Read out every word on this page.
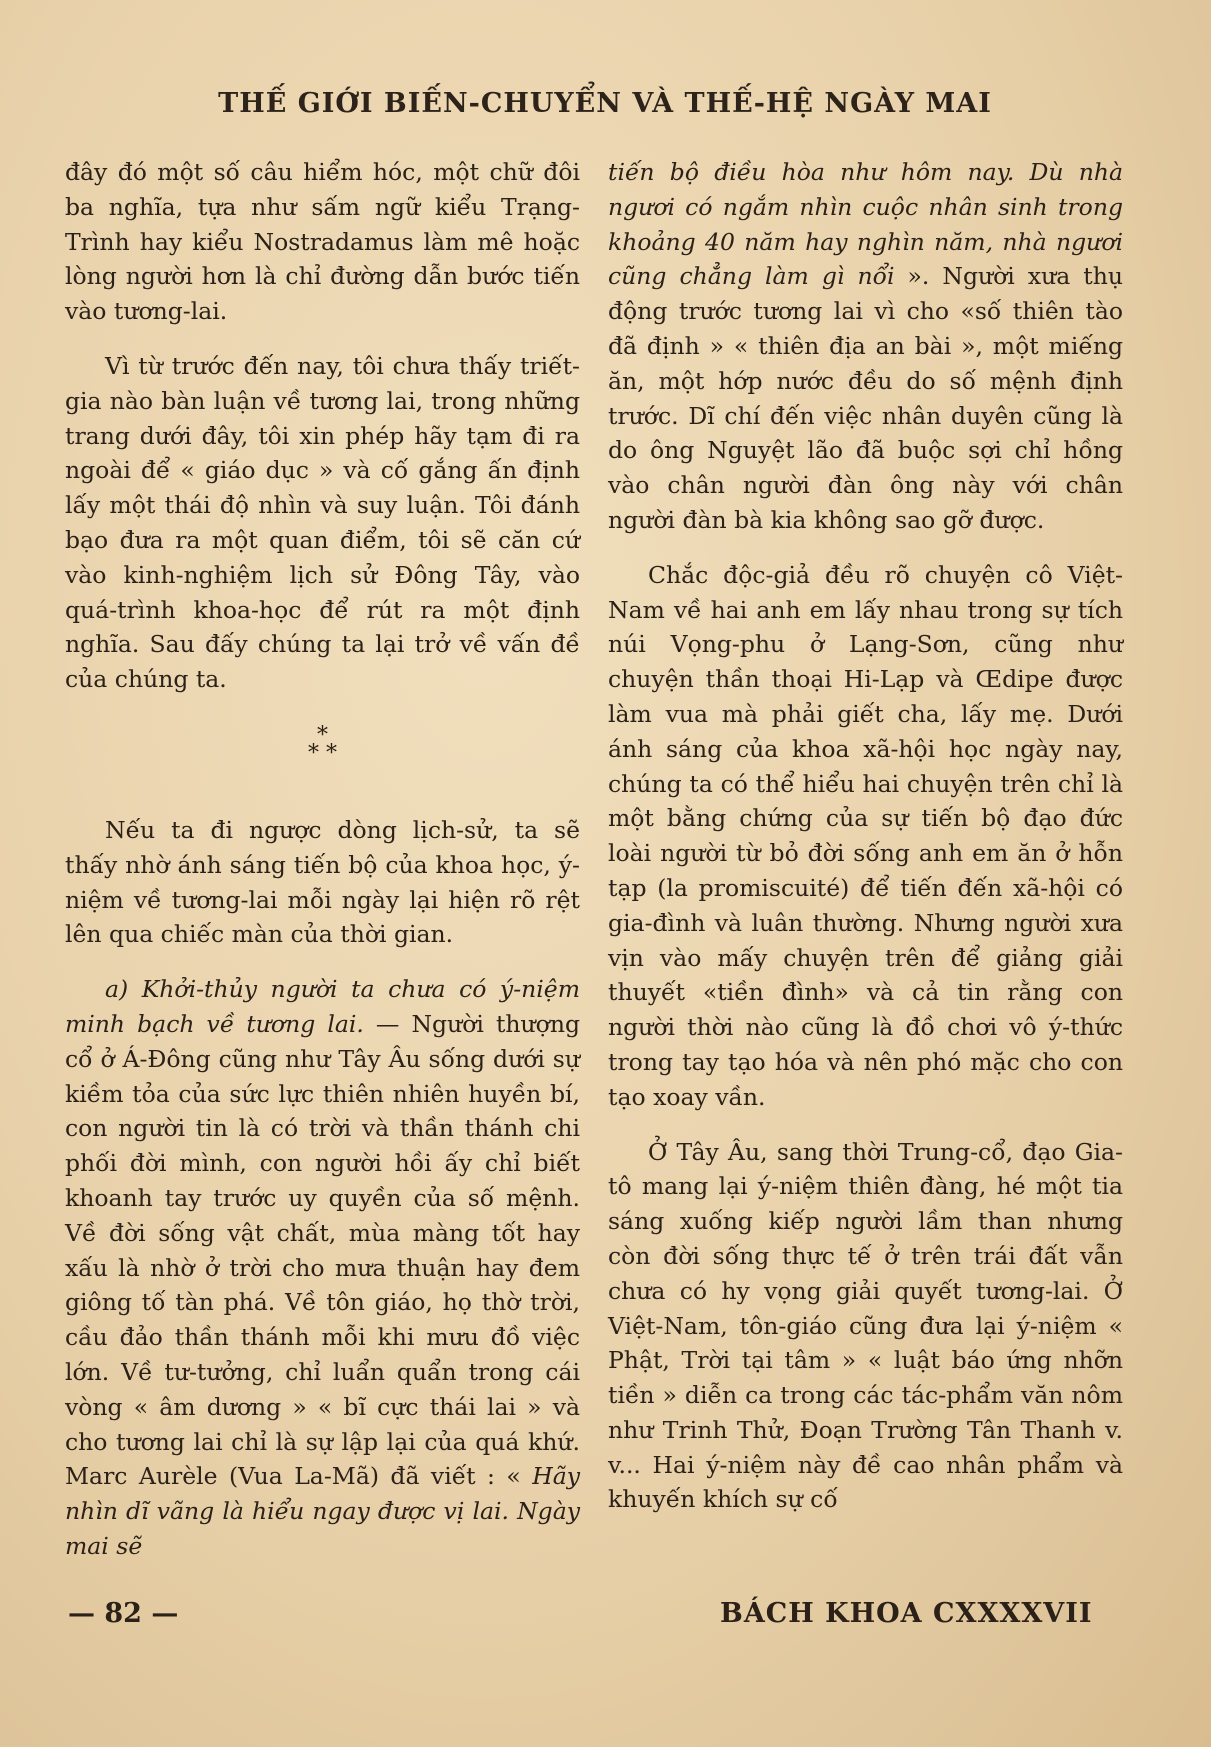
THẾ GIỚI BIẾN-CHUYỂN VÀ THẾ-HỆ NGÀY MAI

đây đó một số câu hiểm hóc, một chữ đôi ba nghĩa, tựa như sấm ngữ kiểu Trạng-Trình hay kiểu Nostradamus làm mê hoặc lòng người hơn là chỉ đường dẫn bước tiến vào tương-lai.

Vì từ trước đến nay, tôi chưa thấy triết-gia nào bàn luận về tương lai, trong những trang dưới đây, tôi xin phép hãy tạm đi ra ngoài để « giáo dục » và cố gắng ấn định lấy một thái độ nhìn và suy luận. Tôi đánh bạo đưa ra một quan điểm, tôi sẽ căn cứ vào kinh-nghiệm lịch sử Đông Tây, vào quá-trình khoa-học để rút ra một định nghĩa. Sau đấy chúng ta lại trở về vấn đề của chúng ta.

*
* *

Nếu ta đi ngược dòng lịch-sử, ta sẽ thấy nhờ ánh sáng tiến bộ của khoa học, ý-niệm về tương-lai mỗi ngày lại hiện rõ rệt lên qua chiếc màn của thời gian.

a) Khởi-thủy người ta chưa có ý-niệm minh bạch về tương lai. — Người thượng cổ ở Á-Đông cũng như Tây Âu sống dưới sự kiềm tỏa của sức lực thiên nhiên huyền bí, con người tin là có trời và thần thánh chi phối đời mình, con người hồi ấy chỉ biết khoanh tay trước uy quyền của số mệnh. Về đời sống vật chất, mùa màng tốt hay xấu là nhờ ở trời cho mưa thuận hay đem giông tố tàn phá. Về tôn giáo, họ thờ trời, cầu đảo thần thánh mỗi khi mưu đồ việc lớn. Về tư-tưởng, chỉ luẩn quẩn trong cái vòng « âm dương » « bĩ cực thái lai » và cho tương lai chỉ là sự lập lại của quá khứ. Marc Aurèle (Vua La-Mã) đã viết : « Hãy nhìn dĩ vãng là hiểu ngay được vị lai. Ngày mai sẽ

tiến bộ điều hòa như hôm nay. Dù nhà ngươi có ngắm nhìn cuộc nhân sinh trong khoảng 40 năm hay nghìn năm, nhà ngươi cũng chẳng làm gì nổi ». Người xưa thụ động trước tương lai vì cho «số thiên tào đã định » « thiên địa an bài », một miếng ăn, một hớp nước đều do số mệnh định trước. Dĩ chí đến việc nhân duyên cũng là do ông Nguyệt lão đã buộc sợi chỉ hồng vào chân người đàn ông này với chân người đàn bà kia không sao gỡ được.

Chắc độc-giả đều rõ chuyện cô Việt-Nam về hai anh em lấy nhau trong sự tích núi Vọng-phu ở Lạng-Sơn, cũng như chuyện thần thoại Hi-Lạp và Œdipe được làm vua mà phải giết cha, lấy mẹ. Dưới ánh sáng của khoa xã-hội học ngày nay, chúng ta có thể hiểu hai chuyện trên chỉ là một bằng chứng của sự tiến bộ đạo đức loài người từ bỏ đời sống anh em ăn ở hỗn tạp (la promiscuité) để tiến đến xã-hội có gia-đình và luân thường. Nhưng người xưa vịn vào mấy chuyện trên để giảng giải thuyết «tiền đình» và cả tin rằng con người thời nào cũng là đồ chơi vô ý-thức trong tay tạo hóa và nên phó mặc cho con tạo xoay vần.

Ở Tây Âu, sang thời Trung-cổ, đạo Gia-tô mang lại ý-niệm thiên đàng, hé một tia sáng xuống kiếp người lầm than nhưng còn đời sống thực tế ở trên trái đất vẫn chưa có hy vọng giải quyết tương-lai. Ở Việt-Nam, tôn-giáo cũng đưa lại ý-niệm « Phật, Trời tại tâm » « luật báo ứng nhỡn tiền » diễn ca trong các tác-phẩm văn nôm như Trinh Thử, Đoạn Trường Tân Thanh v. v... Hai ý-niệm này đề cao nhân phẩm và khuyến khích sự cố

— 82 —	BÁCH KHOA CXXXXVII
